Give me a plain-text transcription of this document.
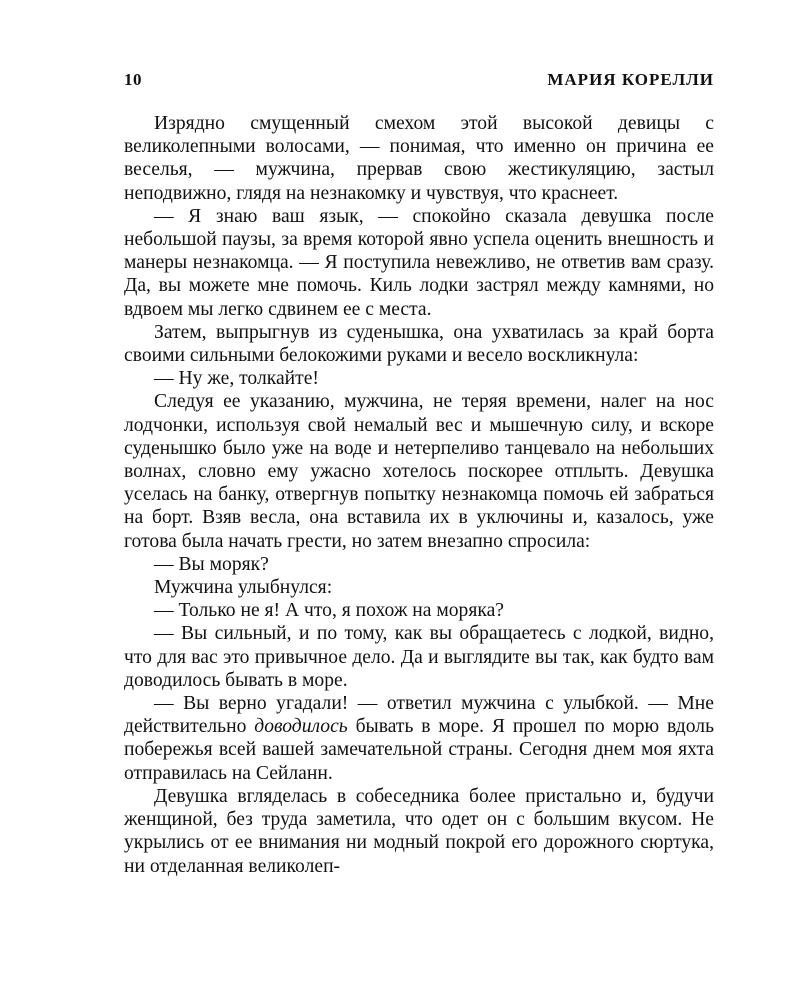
10	МАРИЯ КОРЕЛЛИ

Изрядно смущенный смехом этой высокой девицы с великолепными волосами, — понимая, что именно он причина ее веселья, — мужчина, прервав свою жестикуляцию, застыл неподвижно, глядя на незнакомку и чувствуя, что краснеет.

— Я знаю ваш язык, — спокойно сказала девушка после небольшой паузы, за время которой явно успела оценить внешность и манеры незнакомца. — Я поступила невежливо, не ответив вам сразу. Да, вы можете мне помочь. Киль лодки застрял между камнями, но вдвоем мы легко сдвинем ее с места.

Затем, выпрыгнув из суденышка, она ухватилась за край борта своими сильными белокожими руками и весело воскликнула:

— Ну же, толкайте!

Следуя ее указанию, мужчина, не теряя времени, налег на нос лодчонки, используя свой немалый вес и мышечную силу, и вскоре суденышко было уже на воде и нетерпеливо танцевало на небольших волнах, словно ему ужасно хотелось поскорее отплыть. Девушка уселась на банку, отвергнув попытку незнакомца помочь ей забраться на борт. Взяв весла, она вставила их в уключины и, казалось, уже готова была начать грести, но затем внезапно спросила:

— Вы моряк?

Мужчина улыбнулся:

— Только не я! А что, я похож на моряка?

— Вы сильный, и по тому, как вы обращаетесь с лодкой, видно, что для вас это привычное дело. Да и выглядите вы так, как будто вам доводилось бывать в море.

— Вы верно угадали! — ответил мужчина с улыбкой. — Мне действительно доводилось бывать в море. Я прошел по морю вдоль побережья всей вашей замечательной страны. Сегодня днем моя яхта отправилась на Сейланн.

Девушка вгляделась в собеседника более пристально и, будучи женщиной, без труда заметила, что одет он с большим вкусом. Не укрылись от ее внимания ни модный покрой его дорожного сюртука, ни отделанная великолеп-
